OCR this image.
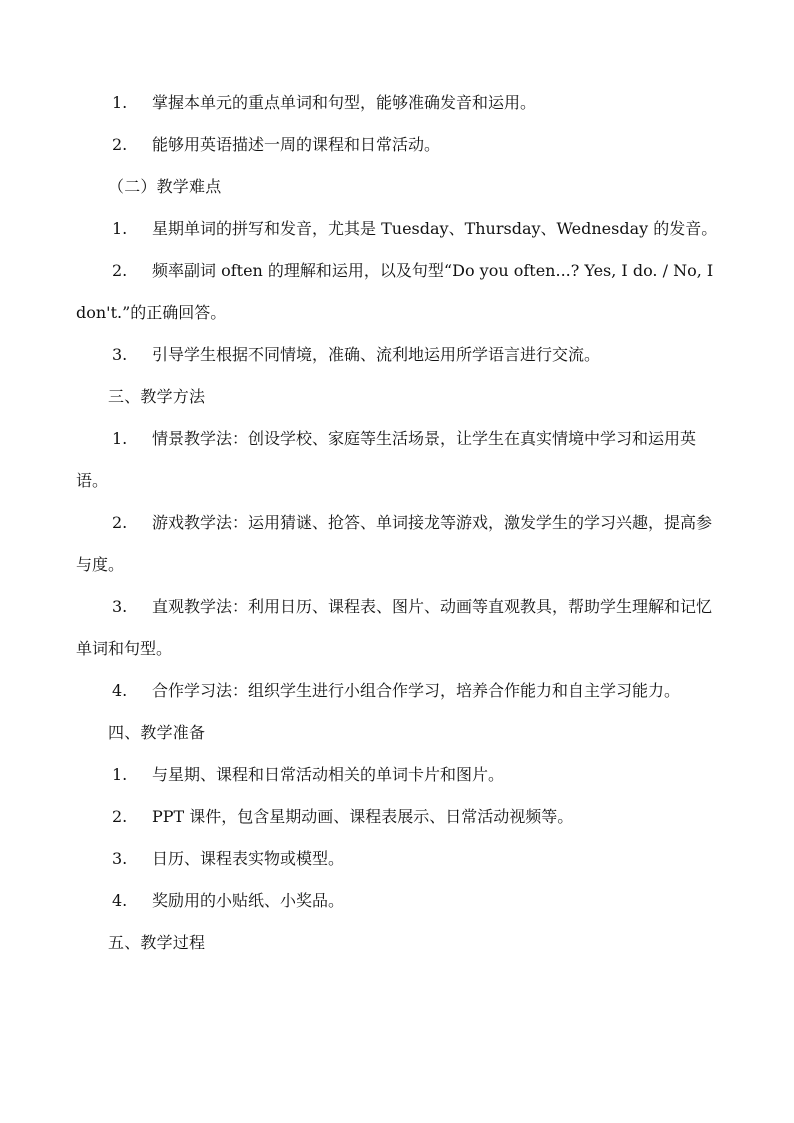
1. 掌握本单元的重点单词和句型，能够准确发音和运用。
2. 能够用英语描述一周的课程和日常活动。
（二）教学难点
1. 星期单词的拼写和发音，尤其是 Tuesday、Thursday、Wednesday 的发音。
2. 频率副词 often 的理解和运用，以及句型“Do you often...? Yes, I do. / No, I don't.”的正确回答。
3. 引导学生根据不同情境，准确、流利地运用所学语言进行交流。
三、教学方法
1. 情景教学法：创设学校、家庭等生活场景，让学生在真实情境中学习和运用英语。
2. 游戏教学法：运用猜谜、抢答、单词接龙等游戏，激发学生的学习兴趣，提高参与度。
3. 直观教学法：利用日历、课程表、图片、动画等直观教具，帮助学生理解和记忆单词和句型。
4. 合作学习法：组织学生进行小组合作学习，培养合作能力和自主学习能力。
四、教学准备
1. 与星期、课程和日常活动相关的单词卡片和图片。
2. PPT 课件，包含星期动画、课程表展示、日常活动视频等。
3. 日历、课程表实物或模型。
4. 奖励用的小贴纸、小奖品。
五、教学过程
